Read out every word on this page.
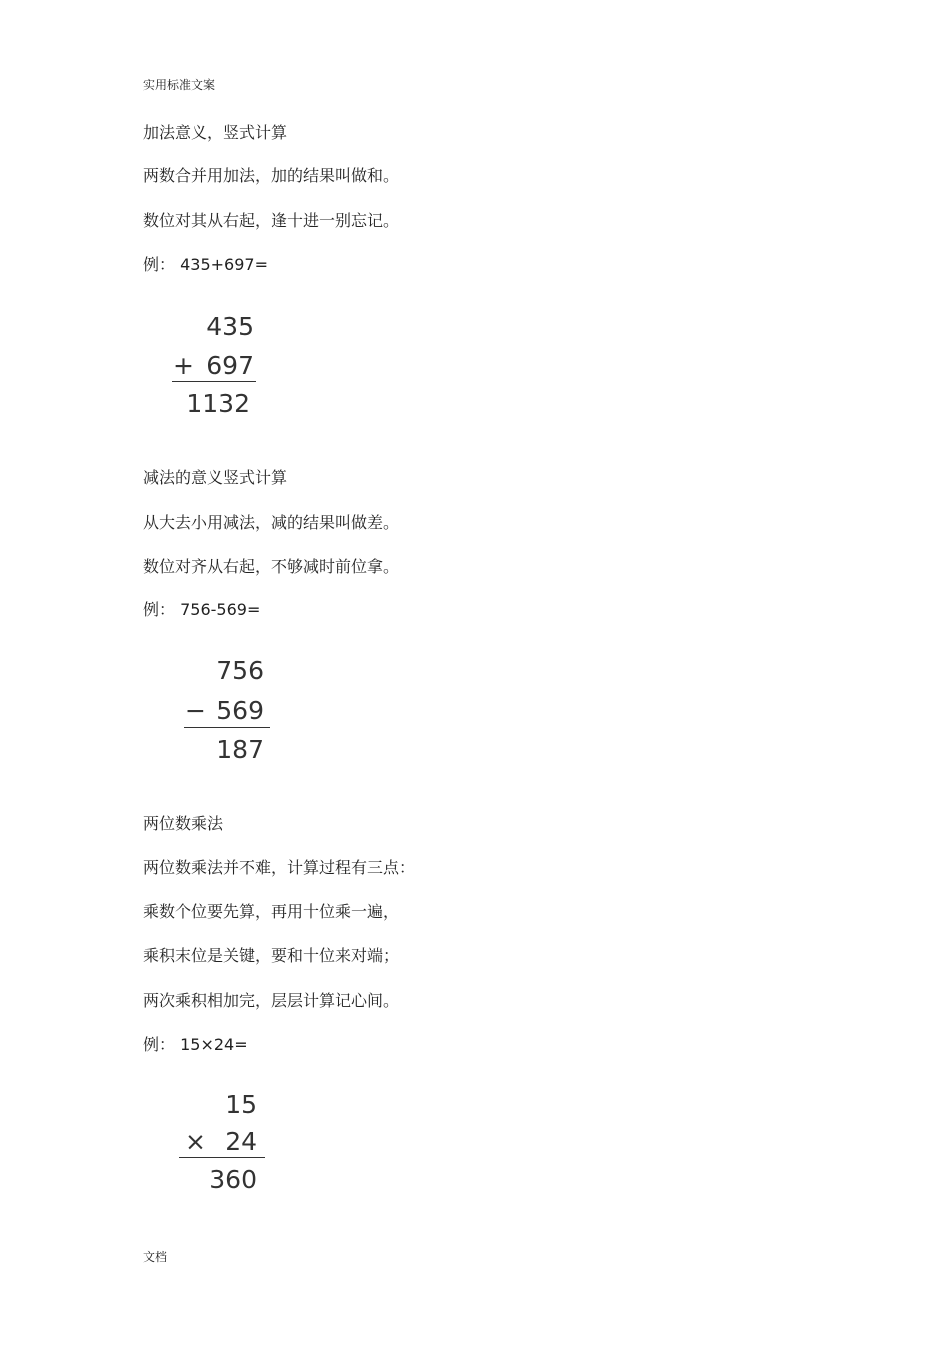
实用标准文案
加法意义，竖式计算
两数合并用加法，加的结果叫做和。
数位对其从右起，逢十进一别忘记。
例： 435+697=
435
+ 697
1132
减法的意义竖式计算
从大去小用减法，减的结果叫做差。
数位对齐从右起，不够减时前位拿。
例： 756-569=
756
− 569
187
两位数乘法
两位数乘法并不难，计算过程有三点：
乘数个位要先算，再用十位乘一遍，
乘积末位是关键，要和十位来对端；
两次乘积相加完，层层计算记心间。
例： 15×24=
15
× 24
360
文档
